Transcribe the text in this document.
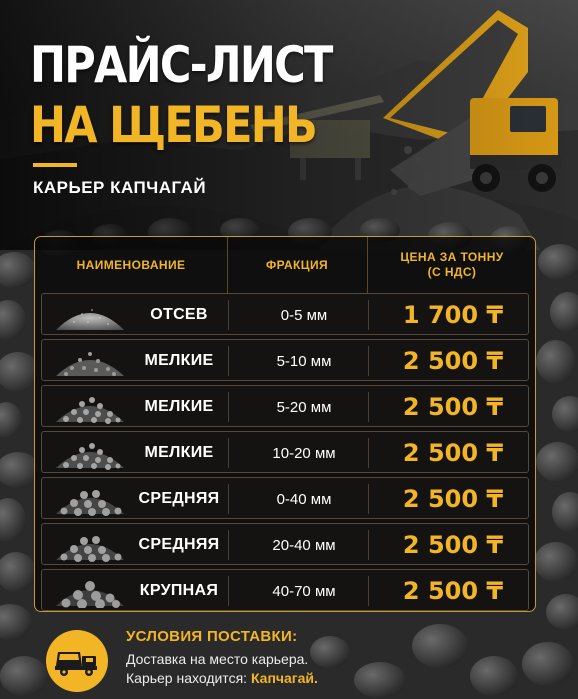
ПРАЙС-ЛИСТ
НА ЩЕБЕНЬ
КАРЬЕР КАПЧАГАЙ
НАИМЕНОВАНИЕ	ФРАКЦИЯ
ЦЕНА ЗА ТОННУ
(С НДС)
ОТСЕВ	0-5 мм	1 700 ₸
МЕЛКИЕ	5-10 мм	2 500 ₸
МЕЛКИЕ	5-20 мм	2 500 ₸
МЕЛКИЕ	10-20 мм	2 500 ₸
СРЕДНЯЯ	0-40 мм	2 500 ₸
СРЕДНЯЯ	20-40 мм	2 500 ₸
КРУПНАЯ	40-70 мм	2 500 ₸
УСЛОВИЯ ПОСТАВКИ:
Доставка на место карьера.
Карьер находится: Капчагай.
